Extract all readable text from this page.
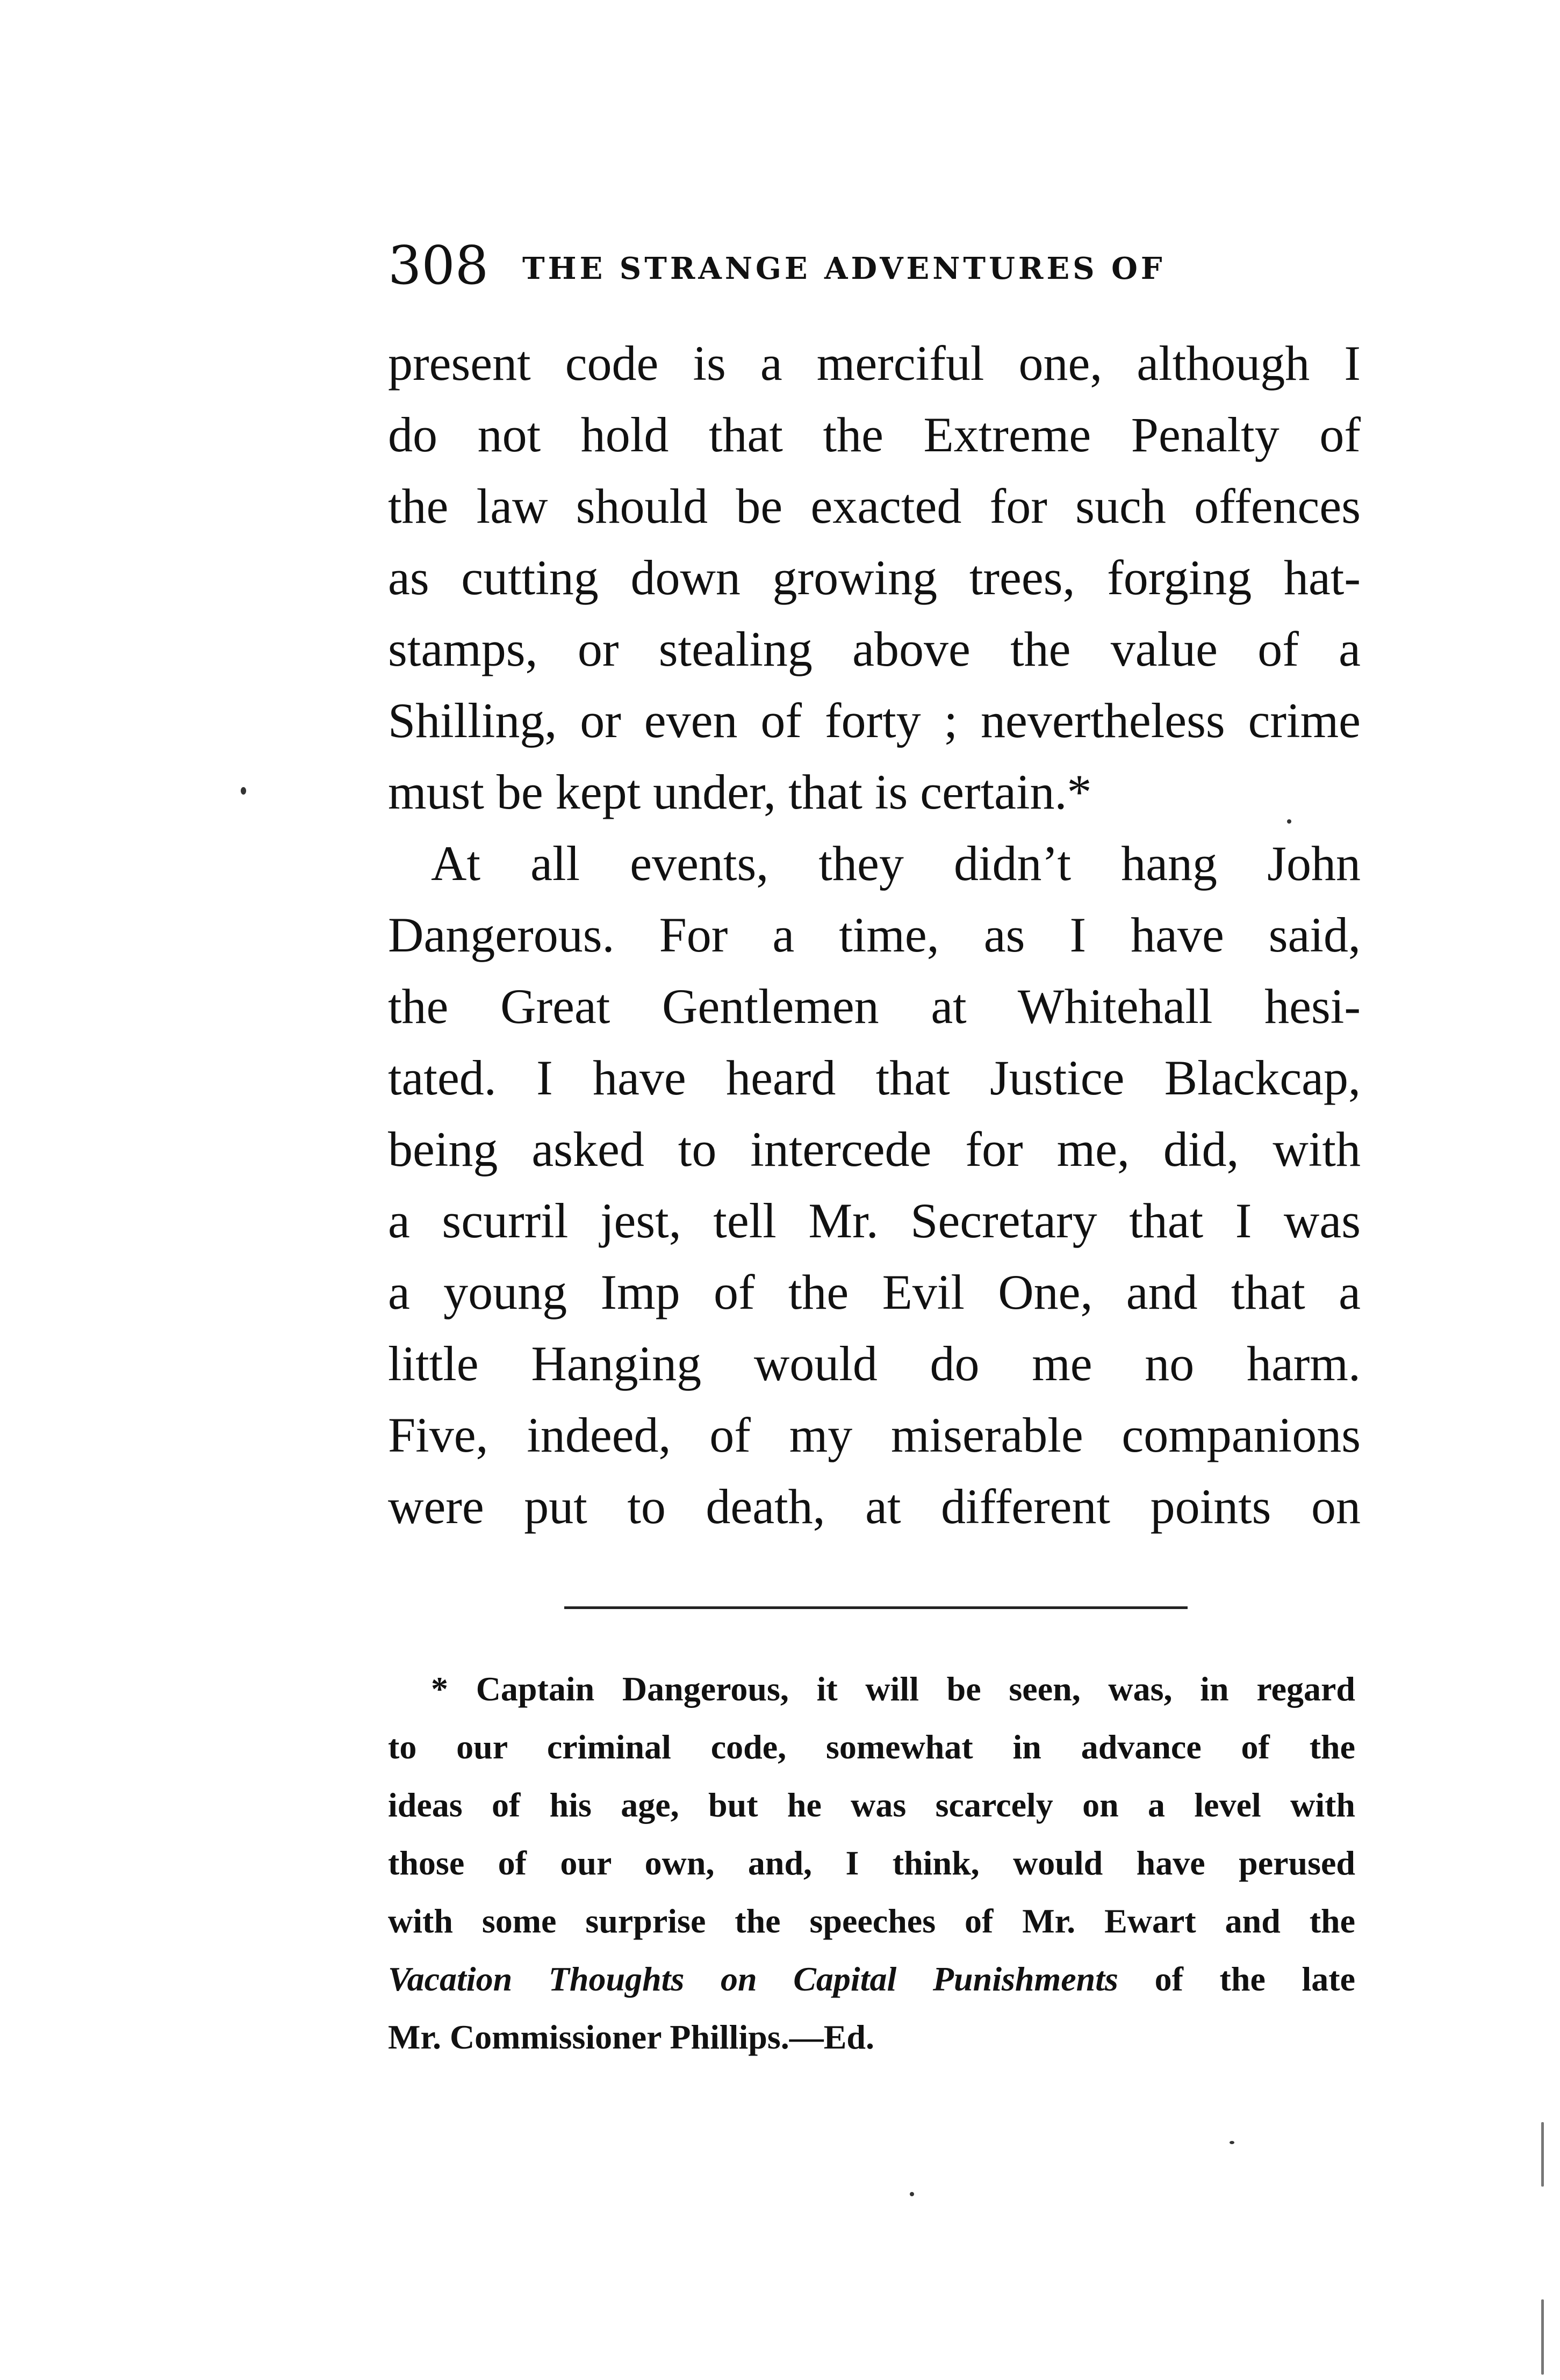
308 THE STRANGE ADVENTURES OF
present code is a merciful one, although I
do not hold that the Extreme Penalty of
the law should be exacted for such offences
as cutting down growing trees, forging hat-
stamps, or stealing above the value of a
Shilling, or even of forty ; nevertheless crime
must be kept under, that is certain.*
At all events, they didn’t hang John
Dangerous. For a time, as I have said,
the Great Gentlemen at Whitehall hesi-
tated. I have heard that Justice Blackcap,
being asked to intercede for me, did, with
a scurril jest, tell Mr. Secretary that I was
a young Imp of the Evil One, and that a
little Hanging would do me no harm.
Five, indeed, of my miserable companions
were put to death, at different points on
* Captain Dangerous, it will be seen, was, in regard
to our criminal code, somewhat in advance of the
ideas of his age, but he was scarcely on a level with
those of our own, and, I think, would have perused
with some surprise the speeches of Mr. Ewart and the
Vacation Thoughts on Capital Punishments of the late
Mr. Commissioner Phillips.—Ed.
